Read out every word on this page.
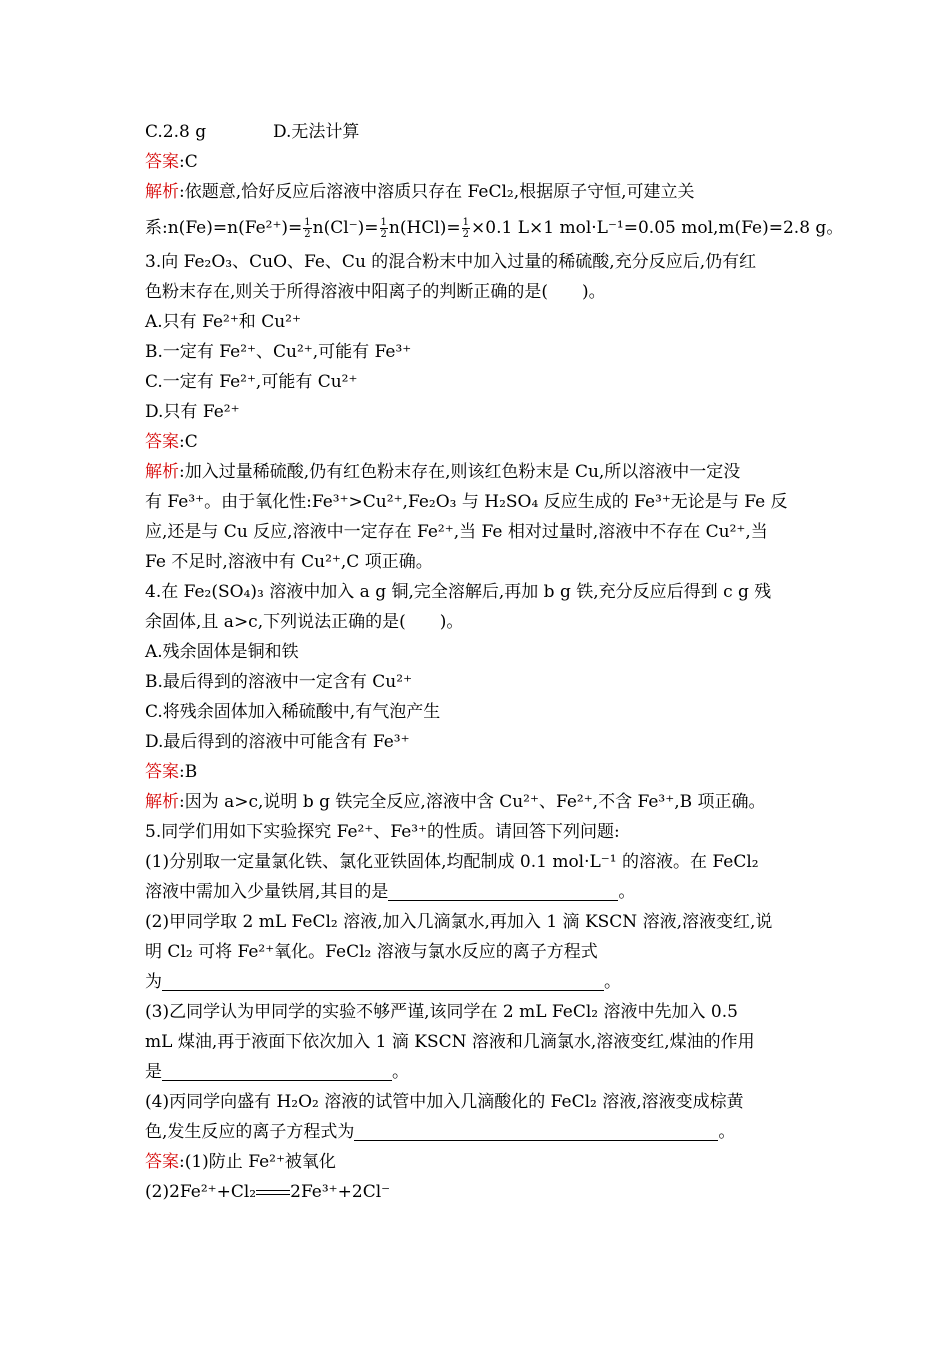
C.2.8 g	D.无法计算
答案:C
解析:依题意,恰好反应后溶液中溶质只存在 FeCl₂,根据原子守恒,可建立关
系:n(Fe)=n(Fe²⁺)= $\frac{1}{2} n(Cl^-)= \frac{1}{2} n(HCl)= \frac{1}{2} \times 0.1$ L×1 mol·L⁻¹=0.05 mol,m(Fe)=2.8 g。
3.向 Fe₂O₃、CuO、Fe、Cu 的混合粉末中加入过量的稀硫酸,充分反应后,仍有红
色粉末存在,则关于所得溶液中阳离子的判断正确的是(　　)。
A.只有 Fe²⁺和 Cu²⁺
B.一定有 Fe²⁺、Cu²⁺,可能有 Fe³⁺
C.一定有 Fe²⁺,可能有 Cu²⁺
D.只有 Fe²⁺
答案:C
解析:加入过量稀硫酸,仍有红色粉末存在,则该红色粉末是 Cu,所以溶液中一定没
有 Fe³⁺。由于氧化性:Fe³⁺>Cu²⁺,Fe₂O₃ 与 H₂SO₄ 反应生成的 Fe³⁺无论是与 Fe 反
应,还是与 Cu 反应,溶液中一定存在 Fe²⁺,当 Fe 相对过量时,溶液中不存在 Cu²⁺,当
Fe 不足时,溶液中有 Cu²⁺,C 项正确。
4.在 Fe₂(SO₄)₃ 溶液中加入 a g 铜,完全溶解后,再加 b g 铁,充分反应后得到 c g 残
余固体,且 a>c,下列说法正确的是(　　)。
A.残余固体是铜和铁
B.最后得到的溶液中一定含有 Cu²⁺
C.将残余固体加入稀硫酸中,有气泡产生
D.最后得到的溶液中可能含有 Fe³⁺
答案:B
解析:因为 a>c,说明 b g 铁完全反应,溶液中含 Cu²⁺、Fe²⁺,不含 Fe³⁺,B 项正确。
5.同学们用如下实验探究 Fe²⁺、Fe³⁺的性质。请回答下列问题:
(1)分别取一定量氯化铁、氯化亚铁固体,均配制成 0.1 mol·L⁻¹ 的溶液。在 FeCl₂
溶液中需加入少量铁屑,其目的是	。
(2)甲同学取 2 mL FeCl₂ 溶液,加入几滴氯水,再加入 1 滴 KSCN 溶液,溶液变红,说
明 Cl₂ 可将 Fe²⁺氧化。FeCl₂ 溶液与氯水反应的离子方程式
为	。
(3)乙同学认为甲同学的实验不够严谨,该同学在 2 mL FeCl₂ 溶液中先加入 0.5
mL 煤油,再于液面下依次加入 1 滴 KSCN 溶液和几滴氯水,溶液变红,煤油的作用
是	。
(4)丙同学向盛有 H₂O₂ 溶液的试管中加入几滴酸化的 FeCl₂ 溶液,溶液变成棕黄
色,发生反应的离子方程式为	。
答案:(1)防止 Fe²⁺被氧化
(2)2Fe²⁺+Cl₂ 2Fe³⁺+2Cl⁻
